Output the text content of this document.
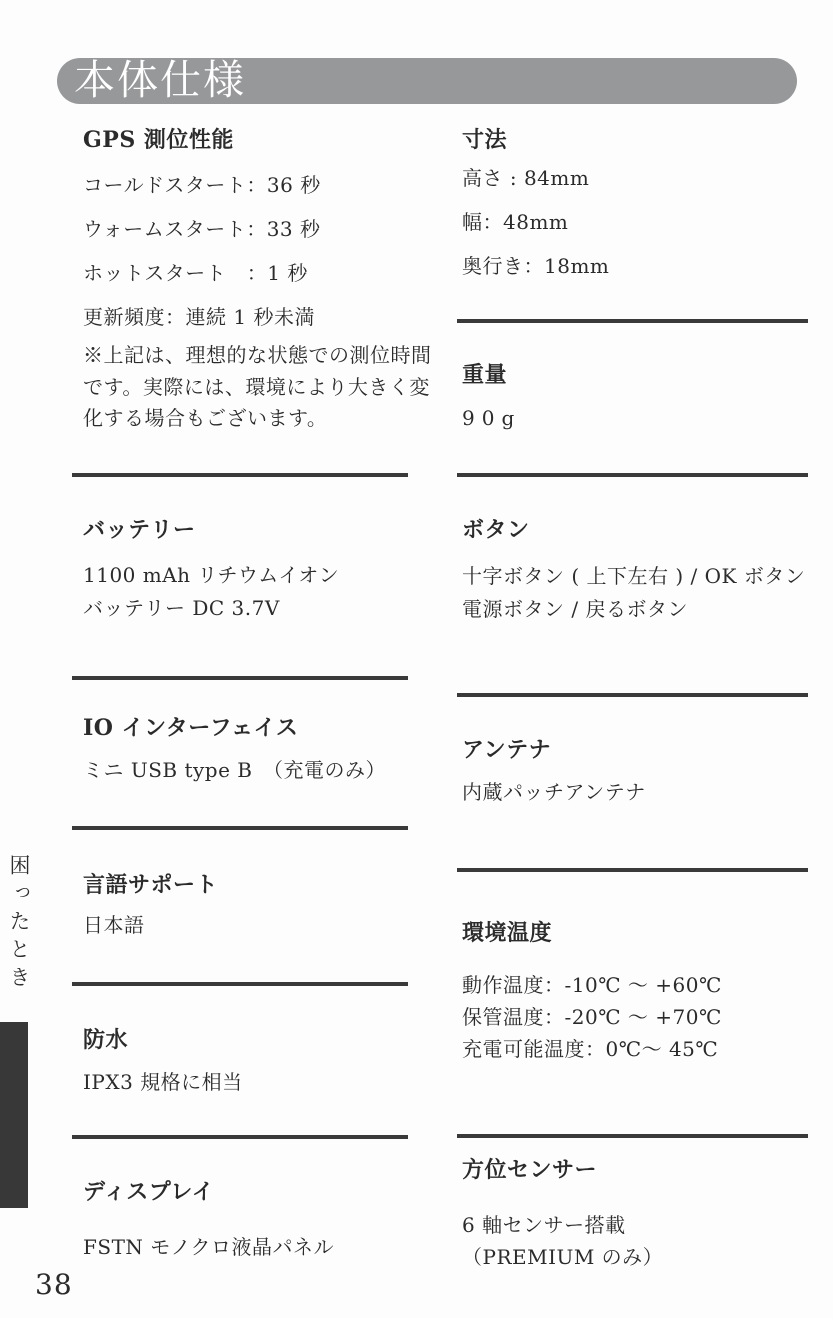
本体仕様
GPS 測位性能

コールドスタート：36 秒

ウォームスタート：33 秒

ホットスタート　：1 秒

更新頻度：連続 1 秒未満

※上記は、理想的な状態での測位時間です。実際には、環境により大きく変化する場合もございます。
バッテリー

1100 mAh リチウムイオン

バッテリー DC 3.7V

IO インターフェイス

ミニ USB type B　（充電のみ）

言語サポート

日本語

防水

IPX3 規格に相当

ディスプレイ

FSTN モノクロ液晶パネル

寸法

高さ : 84mm

幅：48mm

奥行き：18mm

重量

90g

ボタン

十字ボタン ( 上下左右 ) / OK ボタン

電源ボタン / 戻るボタン

アンテナ

内蔵パッチアンテナ

環境温度

動作温度：-10℃ ～ +60℃

保管温度：-20℃ ～ +70℃

充電可能温度：0℃～ 45℃

方位センサー

6 軸センサー搭載

（PREMIUM のみ）

困ったとき
38
